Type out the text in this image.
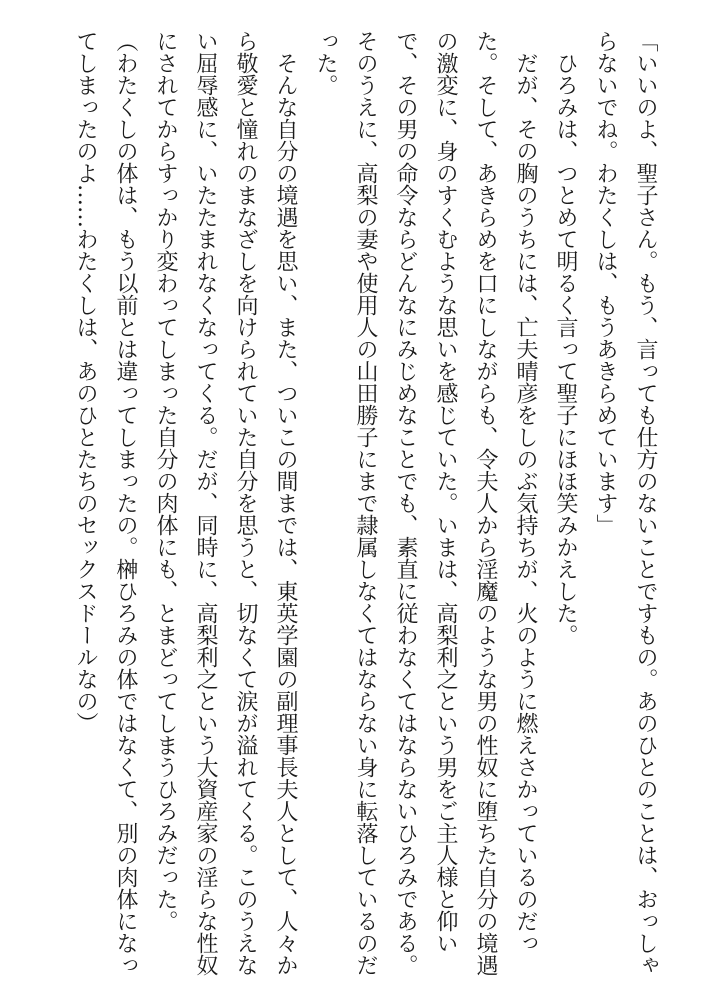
「いいのよ、聖子さん。もう、言っても仕方のないことですもの。あのひとのことは、おっしゃらないでね。わたくしは、もうあきらめています」

ひろみは、つとめて明るく言って聖子にほほ笑みかえした。

だが、その胸のうちには、亡夫晴彦をしのぶ気持ちが、火のように燃えさかっているのだった。そして、あきらめを口にしながらも、令夫人から淫魔のような男の性奴に堕ちた自分の境遇の激変に、身のすくむような思いを感じていた。いまは、高梨利之という男をご主人様と仰いで、その男の命令ならどんなにみじめなことでも、素直に従わなくてはならないひろみである。そのうえに、高梨の妻や使用人の山田勝子にまで隷属しなくてはならない身に転落しているのだった。

そんな自分の境遇を思い、また、ついこの間までは、東英学園の副理事長夫人として、人々から敬愛と憧れのまなざしを向けられていた自分を思うと、切なくて涙が溢れてくる。このうえない屈辱感に、いたたまれなくなってくる。だが、同時に、高梨利之という大資産家の淫らな性奴にされてからすっかり変わってしまった自分の肉体にも、とまどってしまうひろみだった。

（わたくしの体は、もう以前とは違ってしまったの。榊ひろみの体ではなくて、別の肉体になってしまったのよ……わたくしは、あのひとたちのセックスドールなの）
